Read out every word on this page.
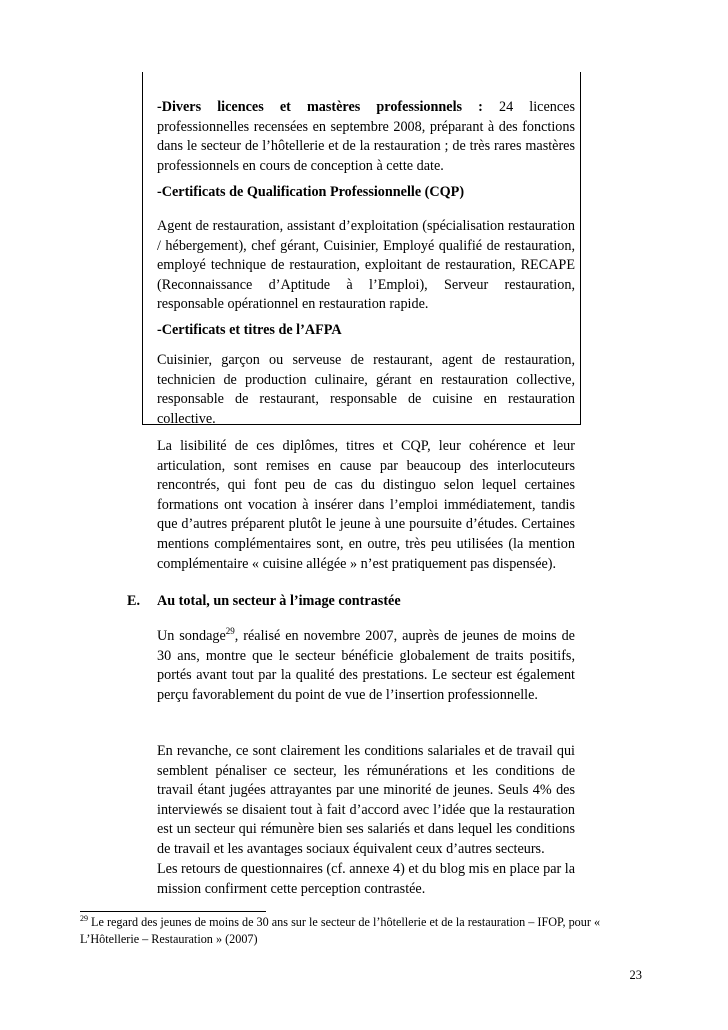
-Divers licences et mastères professionnels : 24 licences professionnelles recensées en septembre 2008, préparant à des fonctions dans le secteur de l’hôtellerie et de la restauration ; de très rares mastères professionnels en cours de conception à cette date.

-Certificats de Qualification Professionnelle (CQP)

Agent de restauration, assistant d’exploitation (spécialisation restauration / hébergement), chef gérant, Cuisinier, Employé qualifié de restauration, employé technique de restauration, exploitant de restauration, RECAPE (Reconnaissance d’Aptitude à l’Emploi), Serveur restauration, responsable opérationnel en restauration rapide.

-Certificats et titres de l’AFPA

Cuisinier, garçon ou serveuse de restaurant, agent de restauration, technicien de production culinaire, gérant en restauration collective, responsable de restaurant, responsable de cuisine en restauration collective.

La lisibilité de ces diplômes, titres et CQP, leur cohérence et leur articulation, sont remises en cause par beaucoup des interlocuteurs rencontrés, qui font peu de cas du distinguo selon lequel certaines formations ont vocation à insérer dans l’emploi immédiatement, tandis que d’autres préparent plutôt le jeune à une poursuite d’études. Certaines mentions complémentaires sont, en outre, très peu utilisées (la mention complémentaire « cuisine allégée » n’est pratiquement pas dispensée).

E. Au total, un secteur à l’image contrastée

Un sondage$^{29}$, réalisé en novembre 2007, auprès de jeunes de moins de 30 ans, montre que le secteur bénéficie globalement de traits positifs, portés avant tout par la qualité des prestations. Le secteur est également perçu favorablement du point de vue de l’insertion professionnelle.

En revanche, ce sont clairement les conditions salariales et de travail qui semblent pénaliser ce secteur, les rémunérations et les conditions de travail étant jugées attrayantes par une minorité de jeunes. Seuls 4% des interviewés se disaient tout à fait d’accord avec l’idée que la restauration est un secteur qui rémunère bien ses salariés et dans lequel les conditions de travail et les avantages sociaux équivalent ceux d’autres secteurs.

Les retours de questionnaires (cf. annexe 4) et du blog mis en place par la mission confirment cette perception contrastée.

$^{29}$ Le regard des jeunes de moins de 30 ans sur le secteur de l’hôtellerie et de la restauration – IFOP, pour « L’Hôtellerie – Restauration » (2007)

23
